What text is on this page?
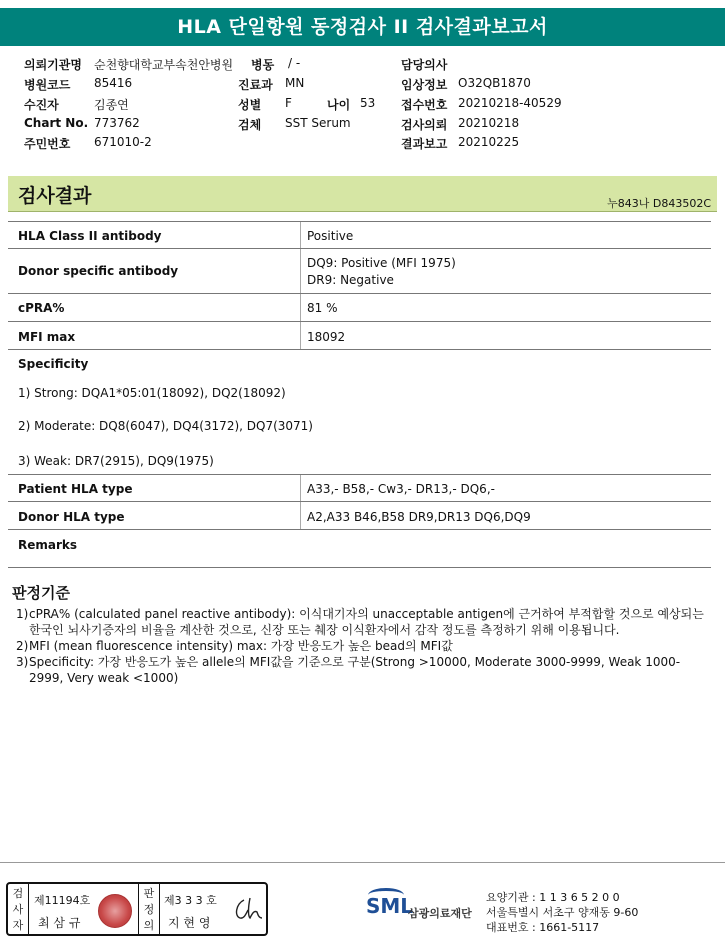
HLA 단일항원 동정검사 II 검사결과보고서
의뢰기관명 순천향대학교부속천안병원 병동 / -	담당의사
병원코드 85416	진료과 MN	임상정보 O32QB1870
수진자	김종연	성별 F	나이 53 접수번호 20210218-40529
Chart No. 773762	검체 SST Serum	검사의뢰 20210218
주민번호 671010-2	결과보고 20210225
검사결과	누843나 D843502C
HLA Class II antibody	Positive
Donor specific antibody
DQ9: Positive (MFI 1975)
DR9: Negative
cPRA%	81 %
MFI max	18092
Specificity
1) Strong: DQA1*05:01(18092), DQ2(18092)
2) Moderate: DQ8(6047), DQ4(3172), DQ7(3071)
3) Weak: DR7(2915), DQ9(1975)
Patient HLA type	A33,- B58,- Cw3,- DR13,- DQ6,-
Donor HLA type	A2,A33 B46,B58 DR9,DR13 DQ6,DQ9
Remarks
판정기준
1) cPRA% (calculated panel reactive antibody): 이식대기자의 unacceptable antigen에 근거하여 부적합할 것으로 예상되는 한국인 뇌사기증자의 비율을 계산한 것으로, 신장 또는 췌장 이식환자에서 감작 정도를 측정하기 위해 이용됩니다.
2) MFI (mean fluorescence intensity) max: 가장 반응도가 높은 bead의 MFI값
3) Specificity: 가장 반응도가 높은 allele의 MFI값을 기준으로 구분(Strong >10000, Moderate 3000-9999, Weak 1000-2999, Very weak <1000)
검사자
제11194호
최 삼 규
판정의
제3 3 3 호
지 현 영
SML
삼광의료재단
요양기관 : 1 1 3 6 5 2 0 0
서울특별시 서초구 양재동 9-60
대표번호 : 1661-5117
